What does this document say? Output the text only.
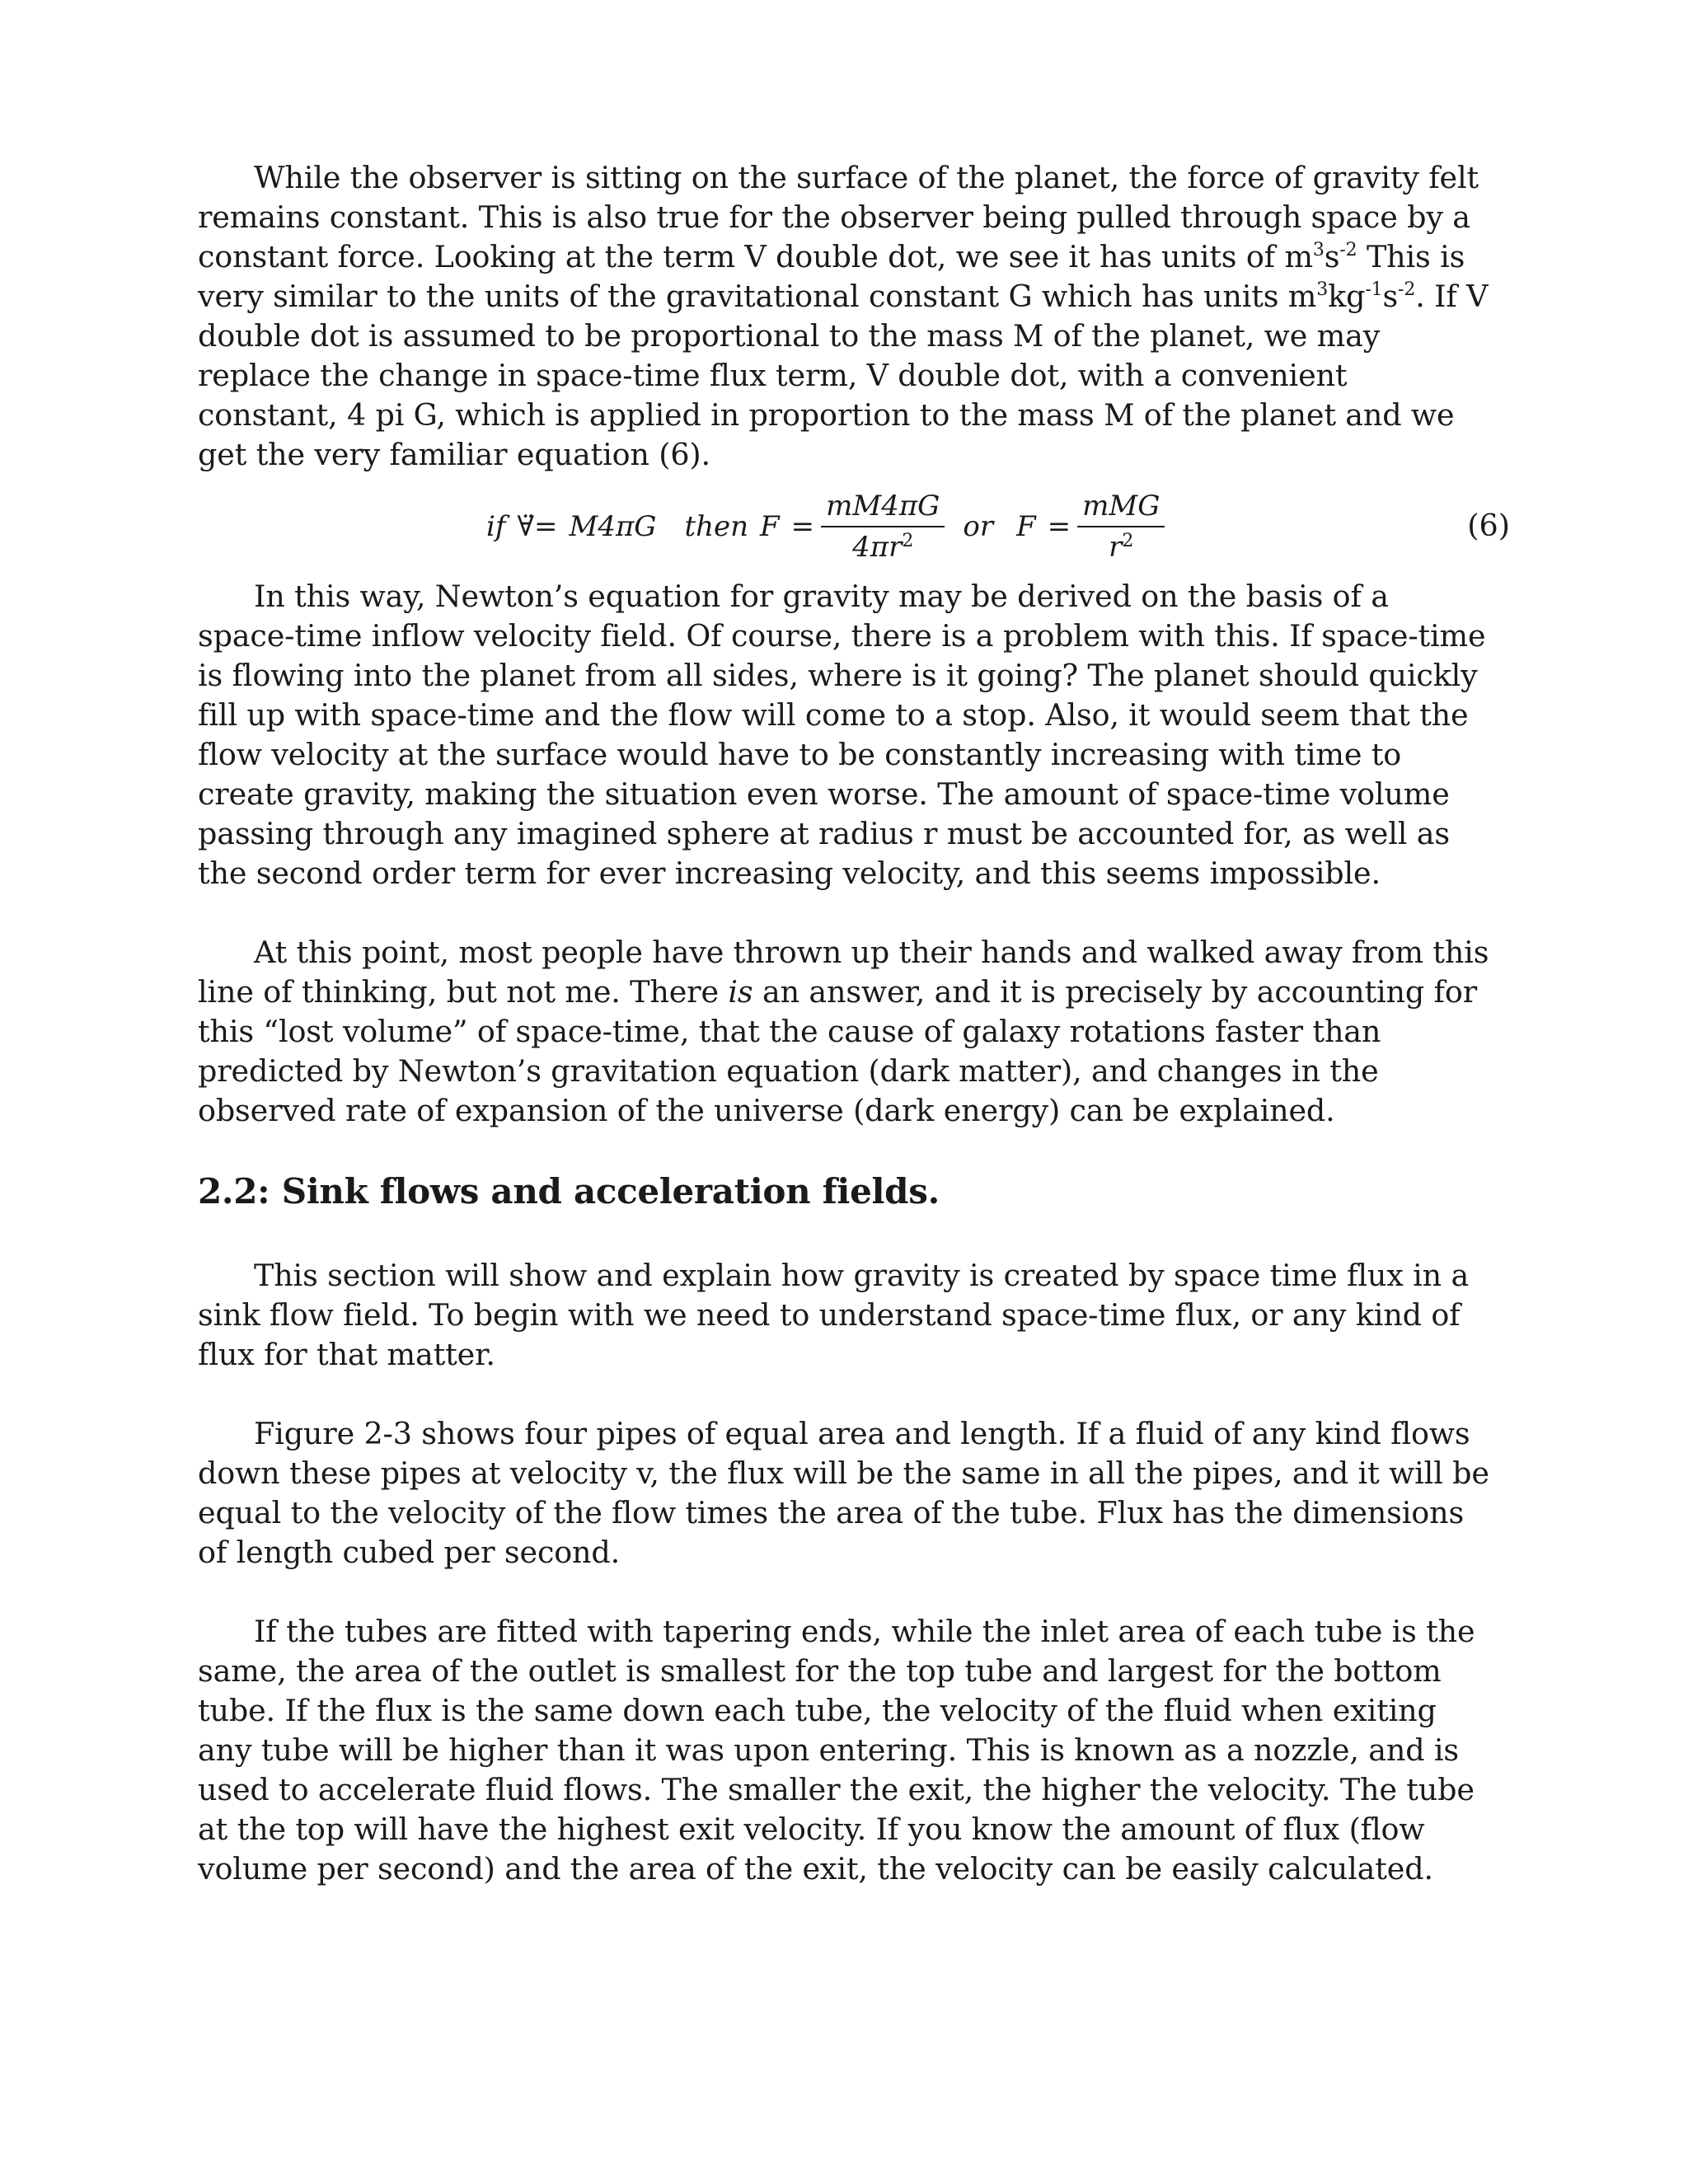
While the observer is sitting on the surface of the planet, the force of gravity felt remains constant. This is also true for the observer being pulled through space by a constant force. Looking at the term V double dot, we see it has units of $m^3s^{-2}$ This is very similar to the units of the gravitational constant G which has units $m^3kg^{-1}s^{-2}$. If V double dot is assumed to be proportional to the mass M of the planet, we may replace the change in space-time flux term, V double dot, with a convenient constant, 4 pi G, which is applied in proportion to the mass M of the planet and we get the very familiar equation (6).

if ∀̈ = M4πG then $F = \frac{mM4\pi G}{4\pi r^2}$ or $F = \frac{\text{mMG}}{r^2}$	(6)

In this way, Newton’s equation for gravity may be derived on the basis of a space-time inflow velocity field. Of course, there is a problem with this. If space-time is flowing into the planet from all sides, where is it going? The planet should quickly fill up with space-time and the flow will come to a stop. Also, it would seem that the flow velocity at the surface would have to be constantly increasing with time to create gravity, making the situation even worse. The amount of space-time volume passing through any imagined sphere at radius r must be accounted for, as well as the second order term for ever increasing velocity, and this seems impossible.

At this point, most people have thrown up their hands and walked away from this line of thinking, but not me. There is an answer, and it is precisely by accounting for this “lost volume” of space-time, that the cause of galaxy rotations faster than predicted by Newton’s gravitation equation (dark matter), and changes in the observed rate of expansion of the universe (dark energy) can be explained.

2.2: Sink flows and acceleration fields.

This section will show and explain how gravity is created by space time flux in a sink flow field. To begin with we need to understand space-time flux, or any kind of flux for that matter.

Figure 2-3 shows four pipes of equal area and length. If a fluid of any kind flows down these pipes at velocity v, the flux will be the same in all the pipes, and it will be equal to the velocity of the flow times the area of the tube. Flux has the dimensions of length cubed per second.

If the tubes are fitted with tapering ends, while the inlet area of each tube is the same, the area of the outlet is smallest for the top tube and largest for the bottom tube. If the flux is the same down each tube, the velocity of the fluid when exiting any tube will be higher than it was upon entering. This is known as a nozzle, and is used to accelerate fluid flows. The smaller the exit, the higher the velocity. The tube at the top will have the highest exit velocity. If you know the amount of flux (flow volume per second) and the area of the exit, the velocity can be easily calculated.
